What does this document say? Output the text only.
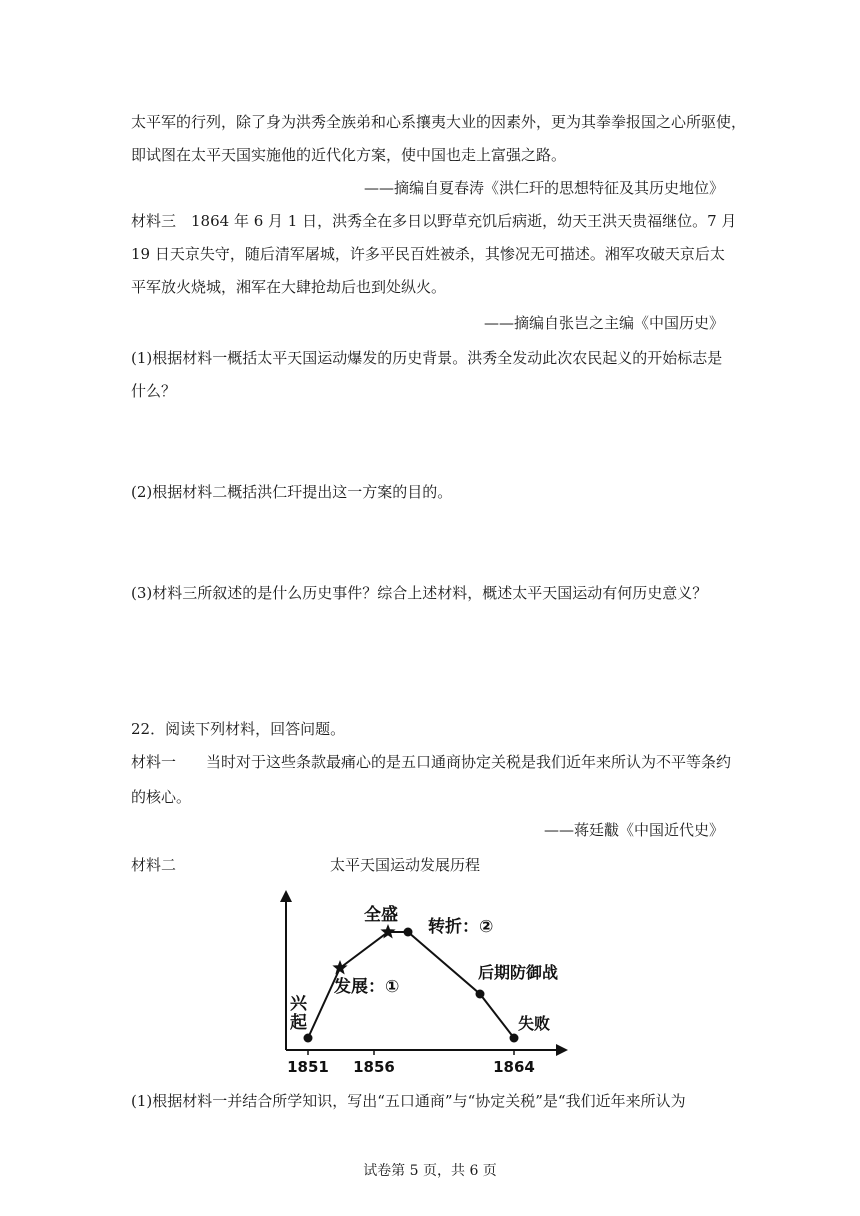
太平军的行列，除了身为洪秀全族弟和心系攘夷大业的因素外，更为其拳拳报国之心所驱使，
即试图在太平天国实施他的近代化方案，使中国也走上富强之路。
——摘编自夏春涛《洪仁玕的思想特征及其历史地位》
材料三　1864 年 6 月 1 日，洪秀全在多日以野草充饥后病逝，幼天王洪天贵福继位。7 月
19 日天京失守，随后清军屠城，许多平民百姓被杀，其惨况无可描述。湘军攻破天京后太
平军放火烧城，湘军在大肆抢劫后也到处纵火。
——摘编自张岂之主编《中国历史》
(1)根据材料一概括太平天国运动爆发的历史背景。洪秀全发动此次农民起义的开始标志是
什么？
(2)根据材料二概括洪仁玕提出这一方案的目的。
(3)材料三所叙述的是什么历史事件？综合上述材料，概述太平天国运动有何历史意义？
22．阅读下列材料，回答问题。
材料一　　当时对于这些条款最痛心的是五口通商协定关税是我们近年来所认为不平等条约
的核心。
——蒋廷黻《中国近代史》
材料二	太平天国运动发展历程
1851 1856	1864
兴
起
发展：①
全盛
转折：②
后期防御战
失败
(1)根据材料一并结合所学知识，写出“五口通商”与“协定关税”是“我们近年来所认为
试卷第 5 页，共 6 页
